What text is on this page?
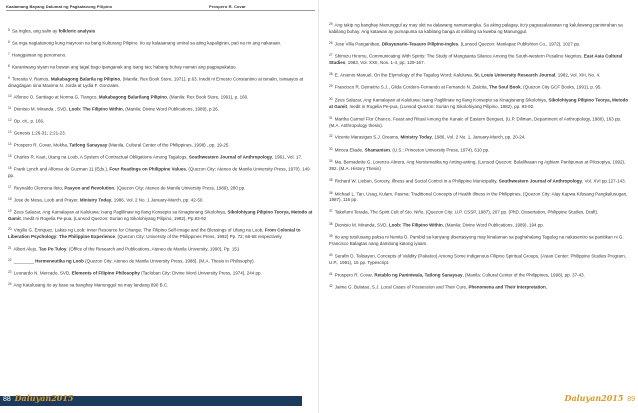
Kaalamang Bayang Dalumat ng Pagkatavong Pilipino	Prospero R. Covar
$^5$ Sa Ingles, ang salin ay folkloric analysis
$^6$ Sa mga nagtatanong kung mayroon na bang Kulturang Pilipino. Ito ay kalaaanang umiral sa ating kapaligiran, pati na rin ang nakaraan.
$^7$ Hanggainan ng penomeno.
$^8$ Karaniwang siyam na buwan ang tagal bago ipanganak ang isang tao; habang buhay naman ang pagpapakatao.
$^9$ Teresita V. Ramos, Makabagong Balarila ng Pilipino, (Manila: Rex Book Store, 1971), p.63. Inedit ni Ernesto Constantino at isinalin, isinaayos at dinagdagan nina Maxima N. Jorda at Lydia F. Gonzales.
$^{10}$ Alfonso O. Santiago at Norma G. Tiangco, Makabagong Balarilang Pilipino, (Manila: Rex Book Store, 1991), p. 160.
$^{11}$ Dionisio M. Miranda , SVD, Loob: The Filipino Within, (Manila: Divine Word Publications, 1989), p.26.
$^{12}$ Op. cit., p. 166.
$^{13}$ Genesis 1:26-31; 2:21-23.
$^{14}$ Prospero R. Covar, Mukha, Tatlong Sanaysay (Manila, Cultural Center of the Philippines, 1998) , pp. 19-25.
$^{15}$ Charles R. Kaut, Utang na Loob, A System of Contractual Obligations Among Tagalogs, Southwestern Journal of Anthropology, 1961, Vol. 17.
$^{16}$ Frank Lynch and Alfonso de Guzman 11 (Eds.), Four Readings on Philippine Values, (Quezon City: Ateneo de Manila University Press, 1970). 149 pp.
$^{17}$ Reynaldo Clemena Ileto, Pasyon and Revolution, (Quezon City: Ateneo de Manila University Press, 1989), 280 pp.
$^{18}$ Jose de Mesa, Loob and Prayer, Ministry Today, 1986, Vol. 2 No. 1 January-March, pp. 42-50.
$^{19}$ Zeus Salazar, Ang Kamalayan at Kaluluwa: Isang Paglilinaw ng Ilang Konsepto sa Kinagisnang Sikolohiya, Sikolohiyang Pilipino Teorya, Metodo at Gamit, Inedit ni Rogelia Pe-pua, (Lunsod Quezon: Surian ng Sikolohiyang Pilipino, 1982), Pp.83-92
$^{20}$ Virgilio G. Enriquez, Lakas ng Loob: Inner Resource for Change; The Filipino Self-Image and the Blessings of Ufang na Loob, From Colonial to Liberation Psychology: The Philippine Experience, (Quezon City: University of the Philippines Press, 1992) Pp. 72; 66-68 respectively.
$^{21}$ Albert Alejo, Tao Po Tuloy. (Office of the Research and Publications, Ateneo de Manila University, 1990), Pp. 151
$^{22}$ ________ Hermeneutika ng Loob (Quezon City: Ateneo de Manila University Press, 1988). (M.A. Thesis in Philosophy).
$^{23}$ Leonardo N. Mercado, SVD, Elements of Filipino Philosophy (Tacloban City: Divine Word University Press, 1974), 244 pp.
$^{24}$ Ang Katalusang ito ay base sa banghay Manunggul na may landang 890 B.C.
88 Daluyan2015
$^{25}$ Ang takip ng banghay Manunggul ay may ukit na dalawang namamangka. Sa aking palagay, ito'y pagsasalarawan ng kaluluwang paninirahan sa kabilang buhay. Ang katawan ay pumapunta sa kabilang banga at inilibing sa kweba ng Manunggul.
$^{26}$ Jose Villa Panganiban, Diksyunario-Tesauro Pilipino-Ingles, (Lunsod Quezon: Manlapaz Publishion Co., 1972), 1027 pp.
$^{27}$ Shimizu Hiromu, Communicating With Spirits: The Study of Mangsanta Silance Among the South-western Pusalino Negritos, East Asia Cultural Studies, 1983, Vol. XXII, Nos. 1-4, pp. 129-167.
$^{28}$ E. Arsenio Manuel, On the Etymology of the Tagalog Word: Kaluluwa, St. Louis University Research Journal, 1982, Vol. XIII, No. 4.
$^{29}$ Francisco R. Demetrio S.J., Gilda Cordero-Fernando at Fernando N. Zialcita, The Soul Book, (Quezon City GCF Books, 1991), p. 95.
$^{30}$ Zeus Salazar, Ang Kamalayan at Kaluluwa: Isang Paglilinaw ng Ilang Konsepto sa Kinagisnang Sikolohiya, Sikolohiyang Pilipino Teorya, Metodo at Gamit, Inedit ni Rogelia Pe-pua, (Lunsod Quezon: Surian ng Sikolohiyang Pilipino, 1982), pp. 83-92.
$^{31}$ Martha Carmel Flor Chanco, Feast and Ritual Among the Kanaic of Eastern Benguet, (U.P. Diliman, Department of Anthropology, 1980), 163 pp. (M.A. Anthropology thesis).
$^{32}$ Vicente Marasigan S.J. Dreams, Ministry Today, 1986, Vol. 2 No. 1, January-March, pp. 20-24.
$^{33}$ Mircea Eliade, Shamanism, (U.S.: Princeton University Press, 1974), 610 pp.
$^{34}$ Ma. Bernadette G. Lorenzo-Abrera, Ang Numismatika ng Anting-anting, (Lunsod Quezon: Bulalihasan ng Aghiam Panlipunan at Pilosopiya, 1992), 392. (M.A. History Thesis)
$^{35}$ Richard W. Lieban, Sorcery, Illness and Social Control in a Philippine Municipality, Southwestern Journal of Anthropology, Vol. XVI pp.127-143.
$^{36}$ Michael L. Tan, Usug, Kulam, Pasma: Traditional Concepts of Health Illness in the Philippines, (Quezon City: Alay Kapwa Kilusang Pangkalusugan, 1987), 116 pp.
$^{37}$ Takefumi Terada, The Spirit Cult of Sto. Niño, (Quezon City: U.P. CSSP, 1987), 207 pp. (PhD. Dissertation, Philippine Studies, Draft).
$^{38}$ Dionisio M. Miranda, SVD, Loob: The Filipino Within, (Manila: Divine Word Publications, 1989), 194 pp.
$^{39}$ Ito ang tutulusang paksa ni Nenita D. Pambid sa kanyang disertasyong may kinalaman sa paghahalang Tagalog na nakasentro sa panitikan ni G. Francisco Balagtas nang damitong katong iyaam.
$^{40}$ Serafin D. Talisayon, Concepts of Validity (Pakatoo) Among Some Indigenous Filipino Spiritual Groups, (Asian Center: Philippine Studies Program, U.P., 1991), 15 pp. Typescript.
$^{41}$ Prospero R. Covar, Retablo ng Paniniwala, Tatlong Sanaysay, (Manila: Cultural Center of the Philippines, 1998), pp. 37-43.
$^{42}$ Jaime G. Bulatao, S.J. Local Cases of Possession and Their Cure, Phenomena and Their Interpretation,
Daluyan2015 89
